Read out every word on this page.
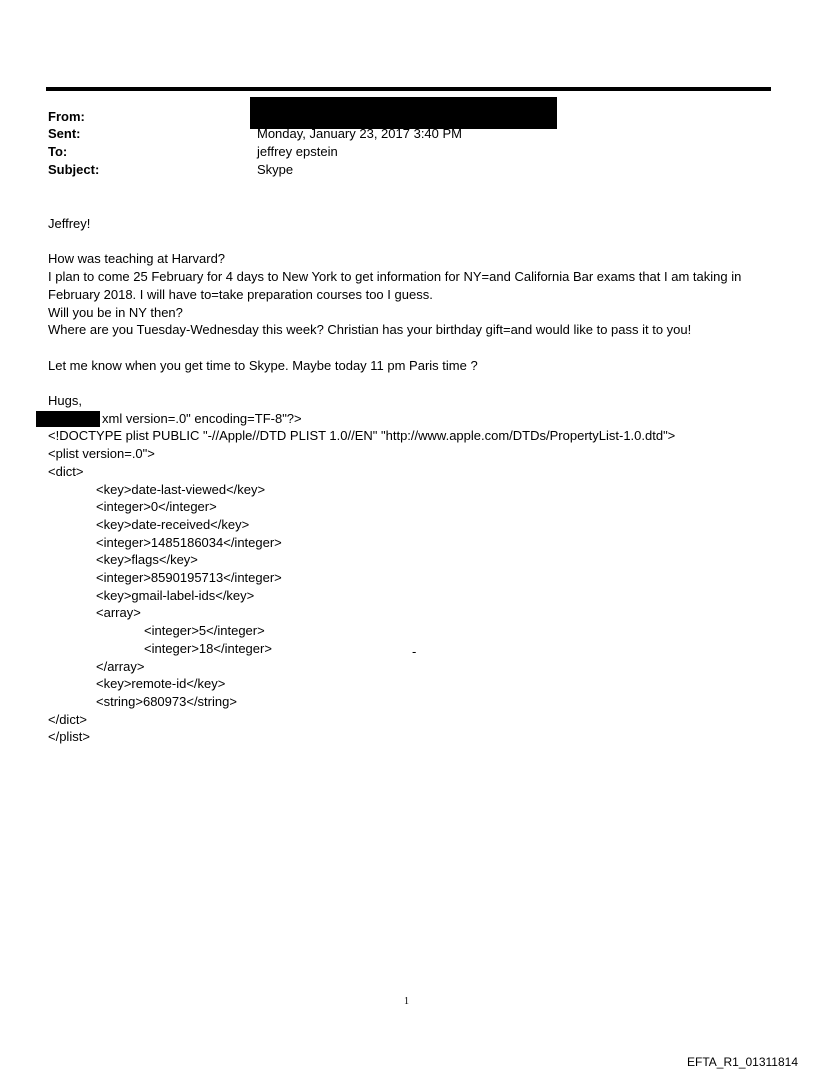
From:
Sent:	Monday, January 23, 2017 3:40 PM
To:	jeffrey epstein
Subject:	Skype

Jeffrey!

How was teaching at Harvard?

I plan to come 25 February for 4 days to New York to get information for NY=and California Bar exams that I am taking in February 2018. I will have to=take preparation courses too I guess.

Will you be in NY then?

Where are you Tuesday-Wednesday this week? Christian has your birthday gift=and would like to pass it to you!

Let me know when you get time to Skype. Maybe today 11 pm Paris time ?

Hugs,

xml version=.0" encoding=TF-8"?>

<!DOCTYPE plist PUBLIC "-//Apple//DTD PLIST 1.0//EN" "http://www.apple.com/DTDs/PropertyList-1.0.dtd">

<plist version=.0">

<dict>

<key>date-last-viewed</key>

<integer>0</integer>

<key>date-received</key>

<integer>1485186034</integer>

<key>flags</key>

<integer>8590195713</integer>

<key>gmail-label-ids</key>

<array>

<integer>5</integer>

<integer>18</integer>

</array>

<key>remote-id</key>

<string>680973</string>

</dict>

</plist>

-
1
EFTA_R1_01311814
